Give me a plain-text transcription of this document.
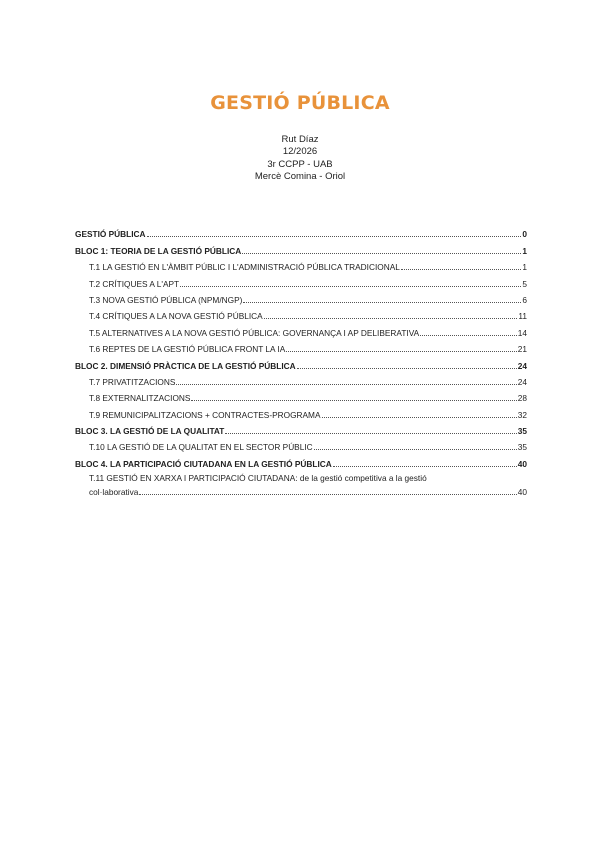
GESTIÓ PÚBLICA
Rut Díaz
12/2026
3r CCPP - UAB
Mercè Comina - Oriol
GESTIÓ PÚBLICA	0
BLOC 1: TEORIA DE LA GESTIÓ PÚBLICA	1
T.1 LA GESTIÓ EN L'ÀMBIT PÚBLIC I L'ADMINISTRACIÓ PÚBLICA TRADICIONAL	1
T.2 CRÍTIQUES A L'APT	5
T.3 NOVA GESTIÓ PÚBLICA (NPM/NGP)	6
T.4 CRÍTIQUES A LA NOVA GESTIÓ PÚBLICA	11
T.5 ALTERNATIVES A LA NOVA GESTIÓ PÚBLICA: GOVERNANÇA I AP DELIBERATIVA	14
T.6 REPTES DE LA GESTIÓ PÚBLICA FRONT LA IA	21
BLOC 2. DIMENSIÓ PRÀCTICA DE LA GESTIÓ PÚBLICA	24
T.7 PRIVATITZACIONS	24
T.8 EXTERNALITZACIONS	28
T.9 REMUNICIPALITZACIONS + CONTRACTES-PROGRAMA	32
BLOC 3. LA GESTIÓ DE LA QUALITAT	35
T.10 LA GESTIÓ DE LA QUALITAT EN EL SECTOR PÚBLIC	35
BLOC 4. LA PARTICIPACIÓ CIUTADANA EN LA GESTIÓ PÚBLICA	40
T.11 GESTIÓ EN XARXA I PARTICIPACIÓ CIUTADANA: de la gestió competitiva a la gestió
col·laborativa	40
